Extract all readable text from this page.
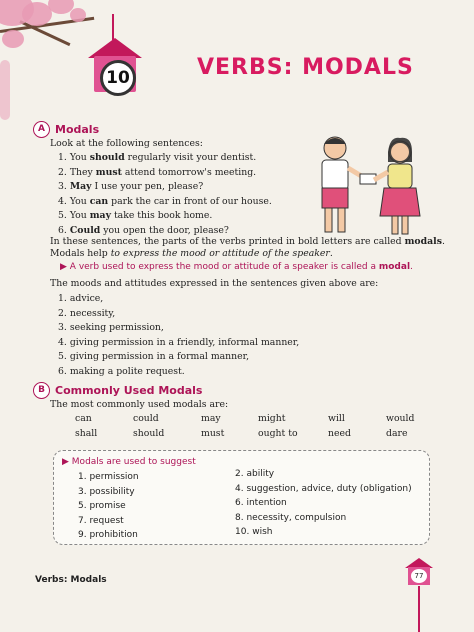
10	VERBS: MODALS
A Modals
Look at the following sentences:
1. You should regularly visit your dentist.
2. They must attend tomorrow's meeting.
3. May I use your pen, please?
4. You can park the car in front of our house.
5. You may take this book home.
6. Could you open the door, please?
In these sentences, the parts of the verbs printed in bold letters are called modals.
Modals help to express the mood or attitude of the speaker.
▶ A verb used to express the mood or attitude of a speaker is called a modal.
The moods and attitudes expressed in the sentences given above are:
1. advice,
2. necessity,
3. seeking permission,
4. giving permission in a friendly, informal manner,
5. giving permission in a formal manner,
6. making a polite request.
B Commonly Used Modals
The most commonly used modals are:
can	could	may	might	will	would
shall	should	must	ought to	need	dare
▶ Modals are used to suggest
1. permission
3. possibility
5. promise
7. request
9. prohibition
2. ability
4. suggestion, advice, duty (obligation)
6. intention
8. necessity, compulsion
10. wish
Verbs: Modals	77
